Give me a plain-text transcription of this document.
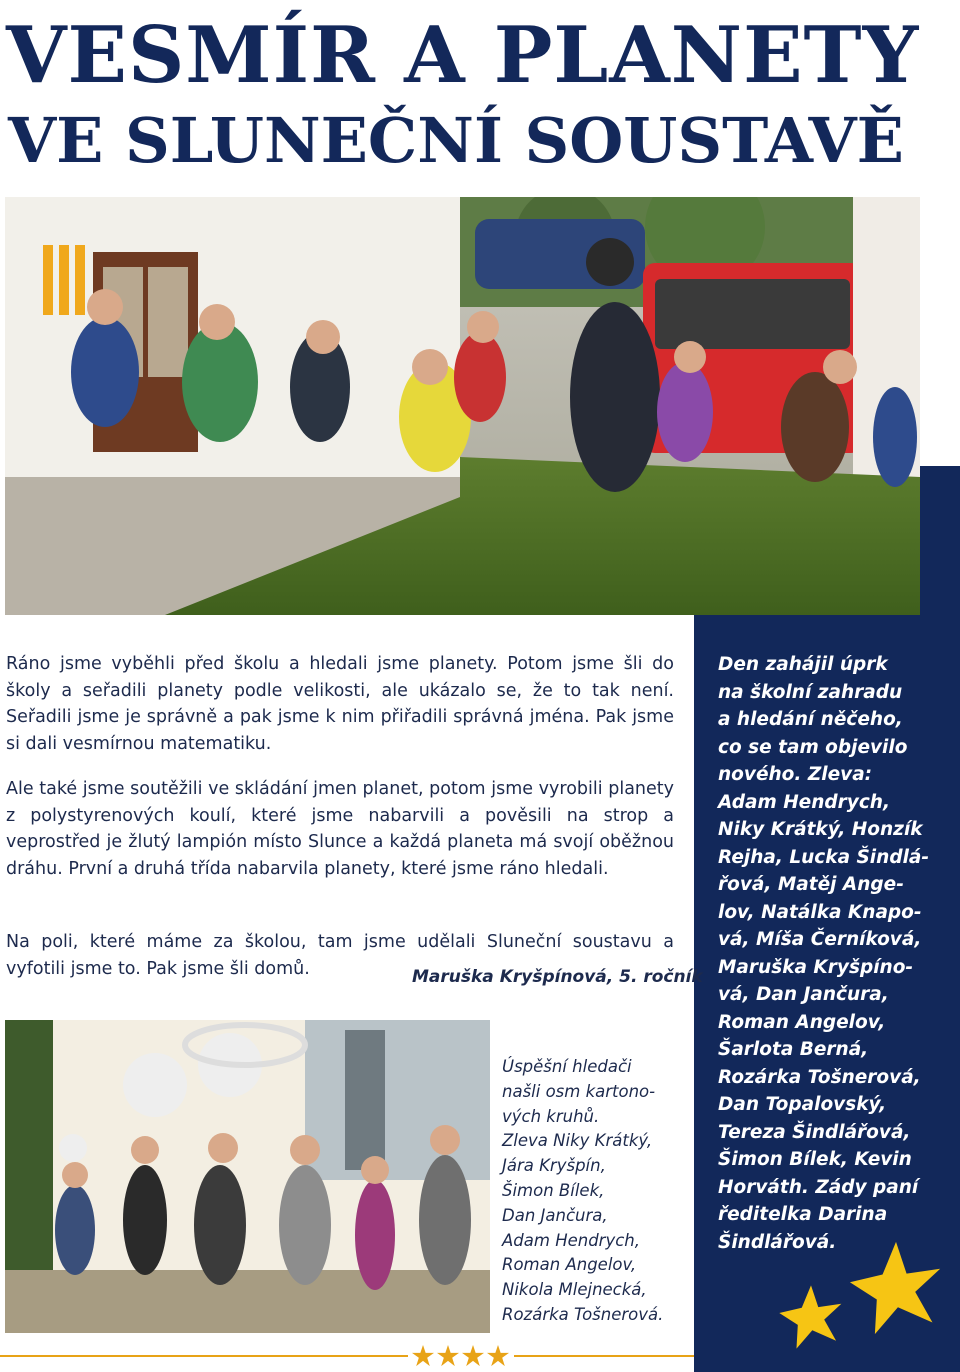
VESMÍR A PLANETY
VE SLUNEČNÍ SOUSTAVĚ

Ráno jsme vyběhli před školu a hledali jsme planety. Potom jsme šli do školy a seřadili planety podle velikosti, ale ukázalo se, že to tak není. Seřadili jsme je správně a pak jsme k nim přiřadili správná jména. Pak jsme si dali vesmírnou matematiku.

Ale také jsme soutěžili ve skládání jmen planet, potom jsme vyrobili planety z polystyrenových koulí, které jsme nabarvili a pověsili na strop a veprostřed je žlutý lampión místo Slunce a každá planeta má svojí oběžnou dráhu. První a druhá třída nabarvila planety, které jsme ráno hledali.

Na poli, které máme za školou, tam jsme udělali Sluneční soustavu a vyfotili jsme to. Pak jsme šli domů.	Maruška Kryšpínová, 5. ročník
Den zahájil úprk
na školní zahradu
a hledání něčeho,
co se tam objevilo
nového. Zleva:
Adam Hendrych,
Niky Krátký, Honzík
Rejha, Lucka Šindlá-
řová, Matěj Ange-
lov, Natálka Knapo-
vá, Míša Černíková,
Maruška Kryšpíno-
vá, Dan Jančura,
Roman Angelov,
Šarlota Berná,
Rozárka Tošnerová,
Dan Topalovský,
Tereza Šindlářová,
Šimon Bílek, Kevin
Horváth. Zády paní
ředitelka Darina
Šindlářová.
Úspěšní hledači
našli osm kartono-
vých kruhů.
Zleva Niky Krátký,
Jára Kryšpín,
Šimon Bílek,
Dan Jančura,
Adam Hendrych,
Roman Angelov,
Nikola Mlejnecká,
Rozárka Tošnerová.
